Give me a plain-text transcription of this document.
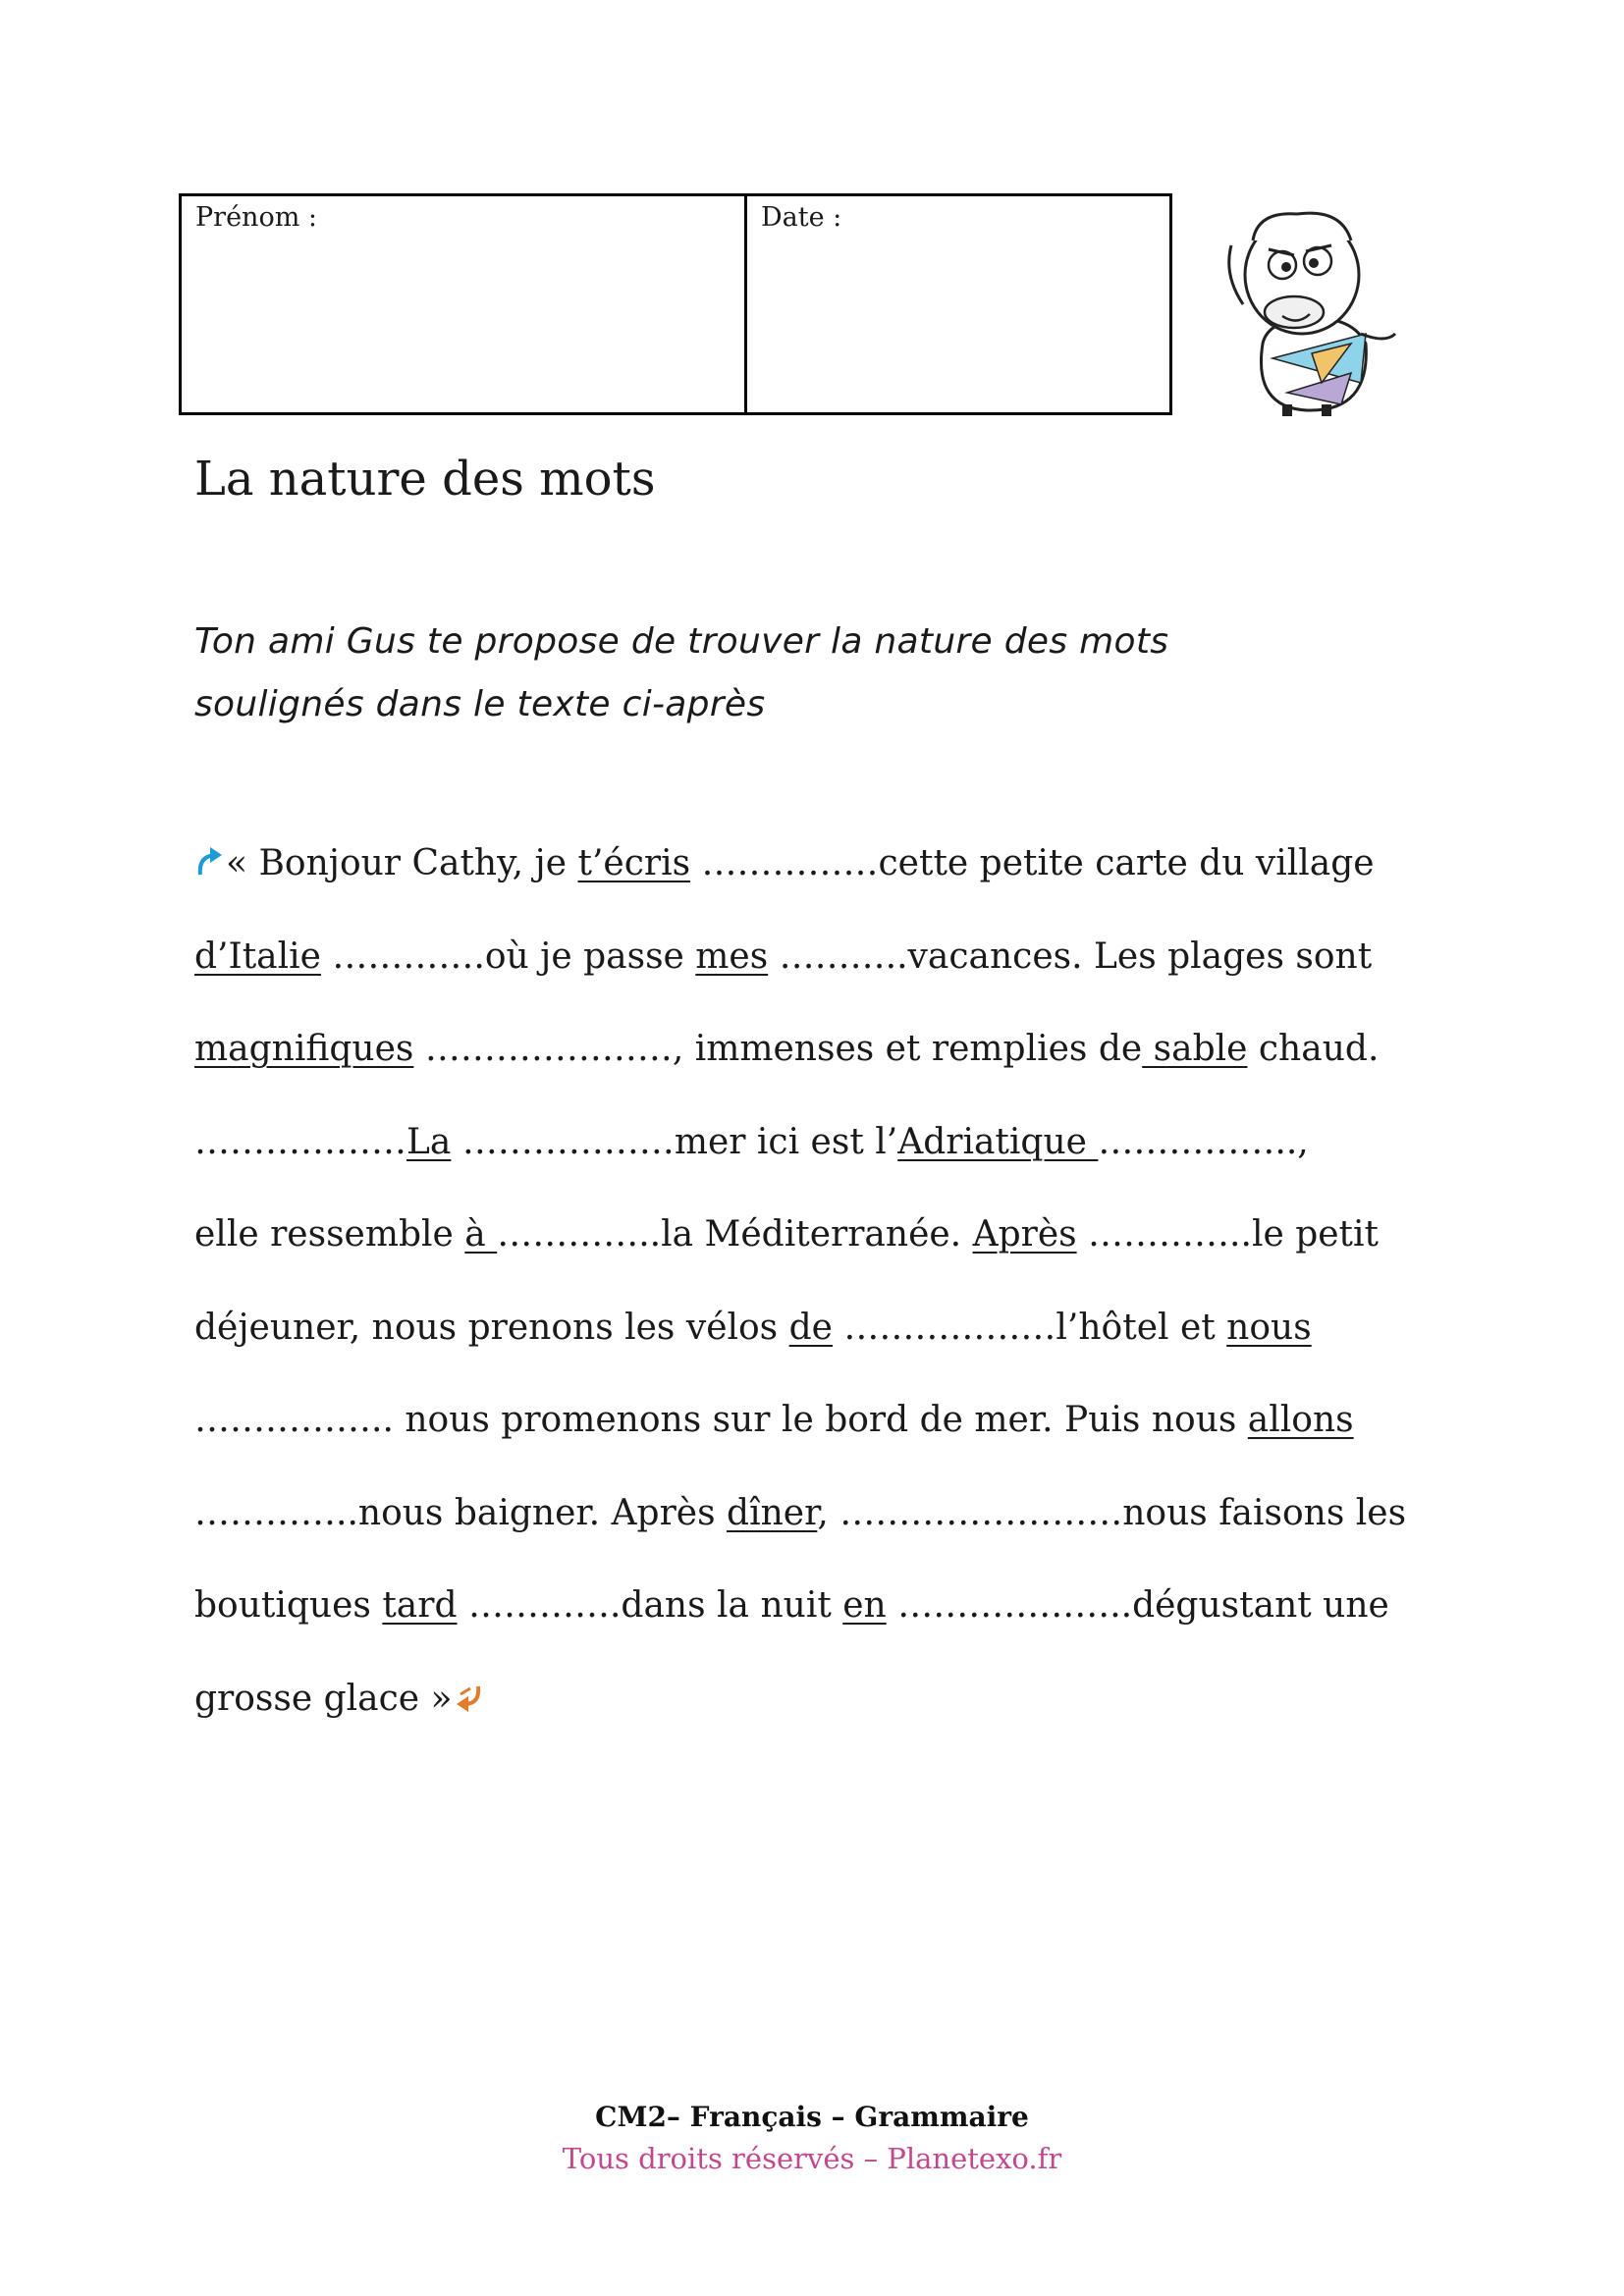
Prénom :	Date :
La nature des mots
Ton ami Gus te propose de trouver la nature des mots
soulignés dans le texte ci-après
« Bonjour Cathy, je t’écris ……………cette petite carte du village
d’Italie ………….où je passe mes ………..vacances. Les plages sont
magnifiques …………………, immenses et remplies de sable chaud.
………………La ………………mer ici est l’Adriatique ……………..,
elle ressemble à …………..la Méditerranée. Après …………..le petit
déjeuner, nous prenons les vélos de ………………l’hôtel et nous
…………….. nous promenons sur le bord de mer. Puis nous allons
…………..nous baigner. Après dîner, ……………………nous faisons les
boutiques tard ………….dans la nuit en ………………..dégustant une
grosse glace »
CM2– Français – Grammaire
Tous droits réservés – Planetexo.fr
